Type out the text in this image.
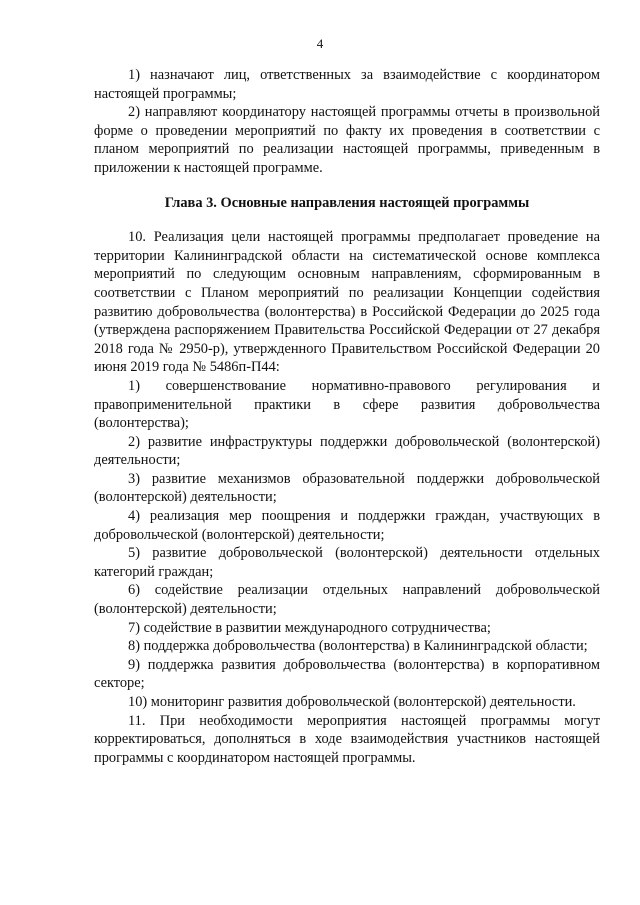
4

1) назначают лиц, ответственных за взаимодействие с координатором настоящей программы;

2) направляют координатору настоящей программы отчеты в произвольной форме о проведении мероприятий по факту их проведения в соответствии с планом мероприятий по реализации настоящей программы, приведенным в приложении к настоящей программе.

Глава 3. Основные направления настоящей программы

10. Реализация цели настоящей программы предполагает проведение на территории Калининградской области на систематической основе комплекса мероприятий по следующим основным направлениям, сформированным в соответствии с Планом мероприятий по реализации Концепции содействия развитию добровольчества (волонтерства) в Российской Федерации до 2025 года (утверждена распоряжением Правительства Российской Федерации от 27 декабря 2018 года № 2950-р), утвержденного Правительством Российской Федерации 20 июня 2019 года № 5486п-П44:

1) совершенствование нормативно-правового регулирования и правоприменительной практики в сфере развития добровольчества (волонтерства);

2) развитие инфраструктуры поддержки добровольческой (волонтерской) деятельности;

3) развитие механизмов образовательной поддержки добровольческой (волонтерской) деятельности;

4) реализация мер поощрения и поддержки граждан, участвующих в добровольческой (волонтерской) деятельности;

5) развитие добровольческой (волонтерской) деятельности отдельных категорий граждан;

6) содействие реализации отдельных направлений добровольческой (волонтерской) деятельности;

7) содействие в развитии международного сотрудничества;

8) поддержка добровольчества (волонтерства) в Калининградской области;

9) поддержка развития добровольчества (волонтерства) в корпоративном секторе;

10) мониторинг развития добровольческой (волонтерской) деятельности.

11. При необходимости мероприятия настоящей программы могут корректироваться, дополняться в ходе взаимодействия участников настоящей программы с координатором настоящей программы.
